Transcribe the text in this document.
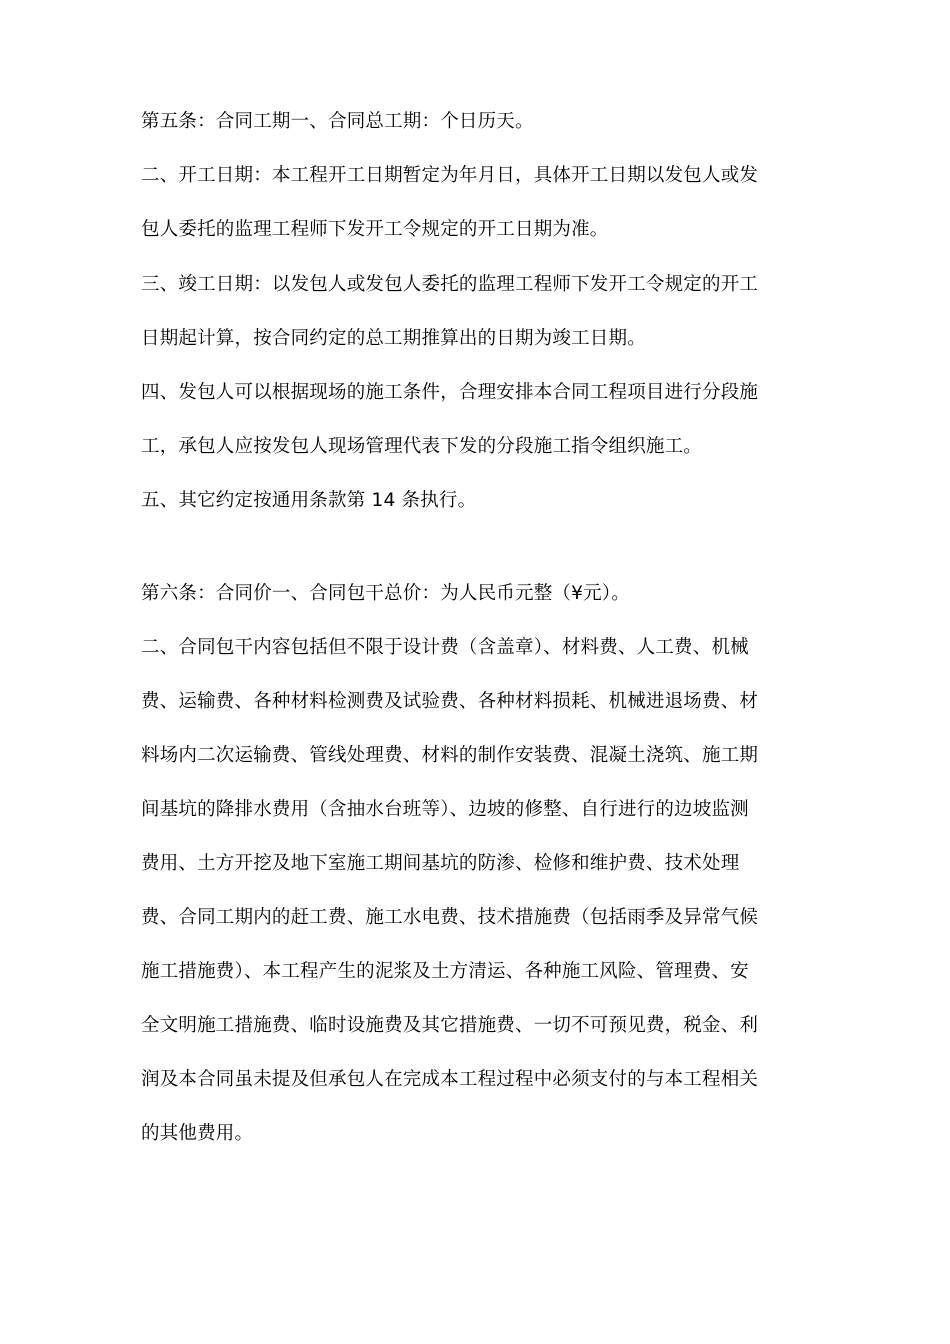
第五条：合同工期一、合同总工期：个日历天。
二、开工日期：本工程开工日期暂定为年月日，具体开工日期以发包人或发
包人委托的监理工程师下发开工令规定的开工日期为准。
三、竣工日期：以发包人或发包人委托的监理工程师下发开工令规定的开工
日期起计算，按合同约定的总工期推算出的日期为竣工日期。
四、发包人可以根据现场的施工条件，合理安排本合同工程项目进行分段施
工，承包人应按发包人现场管理代表下发的分段施工指令组织施工。
五、其它约定按通用条款第 14 条执行。
第六条：合同价一、合同包干总价：为人民币元整（¥元）。
二、合同包干内容包括但不限于设计费（含盖章）、材料费、人工费、机械
费、运输费、各种材料检测费及试验费、各种材料损耗、机械进退场费、材
料场内二次运输费、管线处理费、材料的制作安装费、混凝土浇筑、施工期
间基坑的降排水费用（含抽水台班等）、边坡的修整、自行进行的边坡监测
费用、土方开挖及地下室施工期间基坑的防渗、检修和维护费、技术处理
费、合同工期内的赶工费、施工水电费、技术措施费（包括雨季及异常气候
施工措施费）、本工程产生的泥浆及土方清运、各种施工风险、管理费、安
全文明施工措施费、临时设施费及其它措施费、一切不可预见费，税金、利
润及本合同虽未提及但承包人在完成本工程过程中必须支付的与本工程相关
的其他费用。
